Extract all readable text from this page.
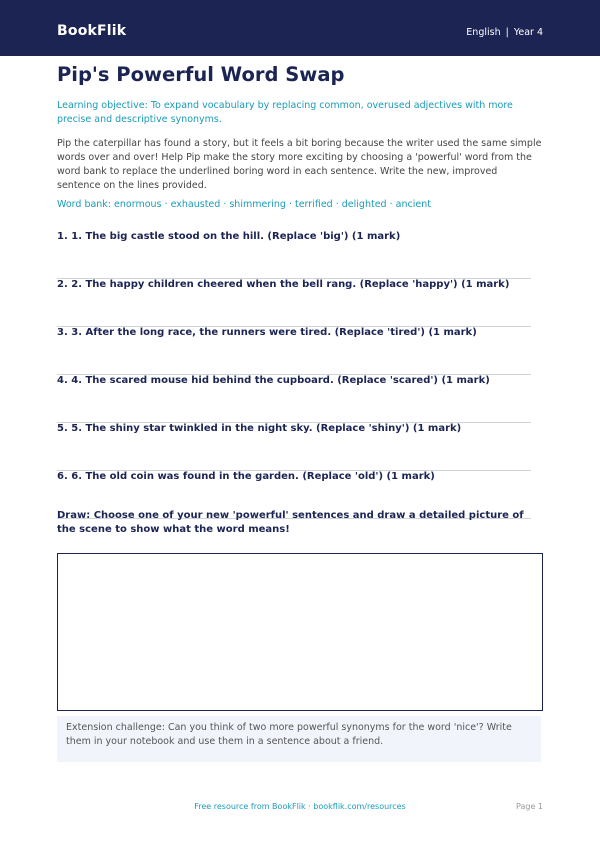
BookFlik	English | Year 4
Pip's Powerful Word Swap
Learning objective: To expand vocabulary by replacing common, overused adjectives with more precise and descriptive synonyms.
Pip the caterpillar has found a story, but it feels a bit boring because the writer used the same simple words over and over! Help Pip make the story more exciting by choosing a 'powerful' word from the word bank to replace the underlined boring word in each sentence. Write the new, improved sentence on the lines provided.
Word bank: enormous · exhausted · shimmering · terrified · delighted · ancient
1. 1. The big castle stood on the hill. (Replace 'big') (1 mark)
2. 2. The happy children cheered when the bell rang. (Replace 'happy') (1 mark)
3. 3. After the long race, the runners were tired. (Replace 'tired') (1 mark)
4. 4. The scared mouse hid behind the cupboard. (Replace 'scared') (1 mark)
5. 5. The shiny star twinkled in the night sky. (Replace 'shiny') (1 mark)
6. 6. The old coin was found in the garden. (Replace 'old') (1 mark)
Draw: Choose one of your new 'powerful' sentences and draw a detailed picture of the scene to show what the word means!
Extension challenge: Can you think of two more powerful synonyms for the word 'nice'? Write them in your notebook and use them in a sentence about a friend.
Free resource from BookFlik · bookflik.com/resources	Page 1
